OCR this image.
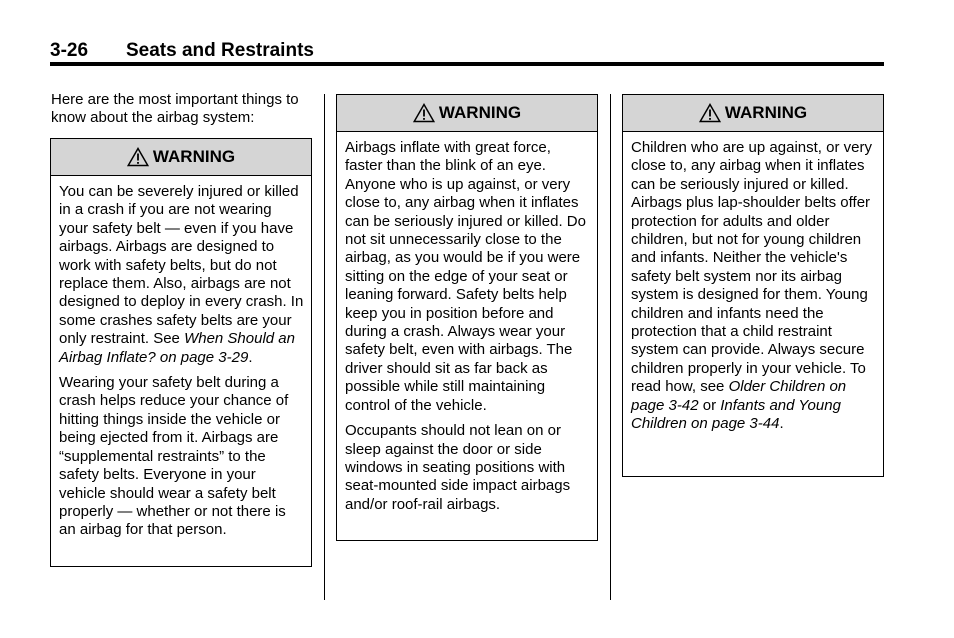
3-26 Seats and Restraints
Here are the most important things to know about the airbag system:
WARNING

You can be severely injured or killed in a crash if you are not wearing your safety belt — even if you have airbags. Airbags are designed to work with safety belts, but do not replace them. Also, airbags are not designed to deploy in every crash. In some crashes safety belts are your only restraint. See When Should an Airbag Inflate? on page 3-29.

Wearing your safety belt during a crash helps reduce your chance of hitting things inside the vehicle or being ejected from it. Airbags are “supplemental restraints” to the safety belts. Everyone in your vehicle should wear a safety belt properly — whether or not there is an airbag for that person.

WARNING

Airbags inflate with great force, faster than the blink of an eye. Anyone who is up against, or very close to, any airbag when it inflates can be seriously injured or killed. Do not sit unnecessarily close to the airbag, as you would be if you were sitting on the edge of your seat or leaning forward. Safety belts help keep you in position before and during a crash. Always wear your safety belt, even with airbags. The driver should sit as far back as possible while still maintaining control of the vehicle.

Occupants should not lean on or sleep against the door or side windows in seating positions with seat-mounted side impact airbags and/or roof-rail airbags.

WARNING

Children who are up against, or very close to, any airbag when it inflates can be seriously injured or killed. Airbags plus lap-shoulder belts offer protection for adults and older children, but not for young children and infants. Neither the vehicle's safety belt system nor its airbag system is designed for them. Young children and infants need the protection that a child restraint system can provide. Always secure children properly in your vehicle. To read how, see Older Children on page 3-42 or Infants and Young Children on page 3-44.
